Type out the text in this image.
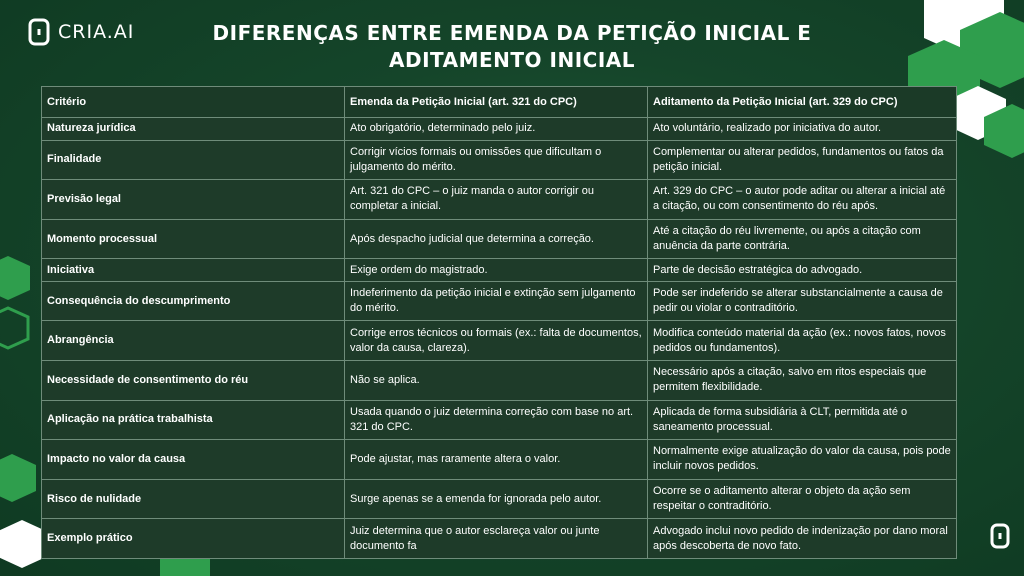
CRIA.AI	DIFERENÇAS ENTRE EMENDA DA PETIÇÃO INICIAL E
ADITAMENTO INICIAL
Critério	Emenda da Petição Inicial (art. 321 do CPC)	Aditamento da Petição Inicial (art. 329 do CPC)
Natureza jurídica	Ato obrigatório, determinado pelo juiz.	Ato voluntário, realizado por iniciativa do autor.
Finalidade	Corrigir vícios formais ou omissões que dificultam o julgamento do mérito.	Complementar ou alterar pedidos, fundamentos ou fatos da petição inicial.
Previsão legal	Art. 321 do CPC – o juiz manda o autor corrigir ou completar a inicial.	Art. 329 do CPC – o autor pode aditar ou alterar a inicial até a citação, ou com consentimento do réu após.
Momento processual	Após despacho judicial que determina a correção.	Até a citação do réu livremente, ou após a citação com anuência da parte contrária.
Iniciativa	Exige ordem do magistrado.	Parte de decisão estratégica do advogado.
Consequência do descumprimento	Indeferimento da petição inicial e extinção sem julgamento do mérito.	Pode ser indeferido se alterar substancialmente a causa de pedir ou violar o contraditório.
Abrangência	Corrige erros técnicos ou formais (ex.: falta de documentos, valor da causa, clareza).	Modifica conteúdo material da ação (ex.: novos fatos, novos pedidos ou fundamentos).
Necessidade de consentimento do réu	Não se aplica.	Necessário após a citação, salvo em ritos especiais que permitem flexibilidade.
Aplicação na prática trabalhista	Usada quando o juiz determina correção com base no art. 321 do CPC.	Aplicada de forma subsidiária à CLT, permitida até o saneamento processual.
Impacto no valor da causa	Pode ajustar, mas raramente altera o valor.	Normalmente exige atualização do valor da causa, pois pode incluir novos pedidos.
Risco de nulidade	Surge apenas se a emenda for ignorada pelo autor.	Ocorre se o aditamento alterar o objeto da ação sem respeitar o contraditório.
Exemplo prático	Juiz determina que o autor esclareça valor ou junte documento fa	Advogado inclui novo pedido de indenização por dano moral após descoberta de novo fato.
